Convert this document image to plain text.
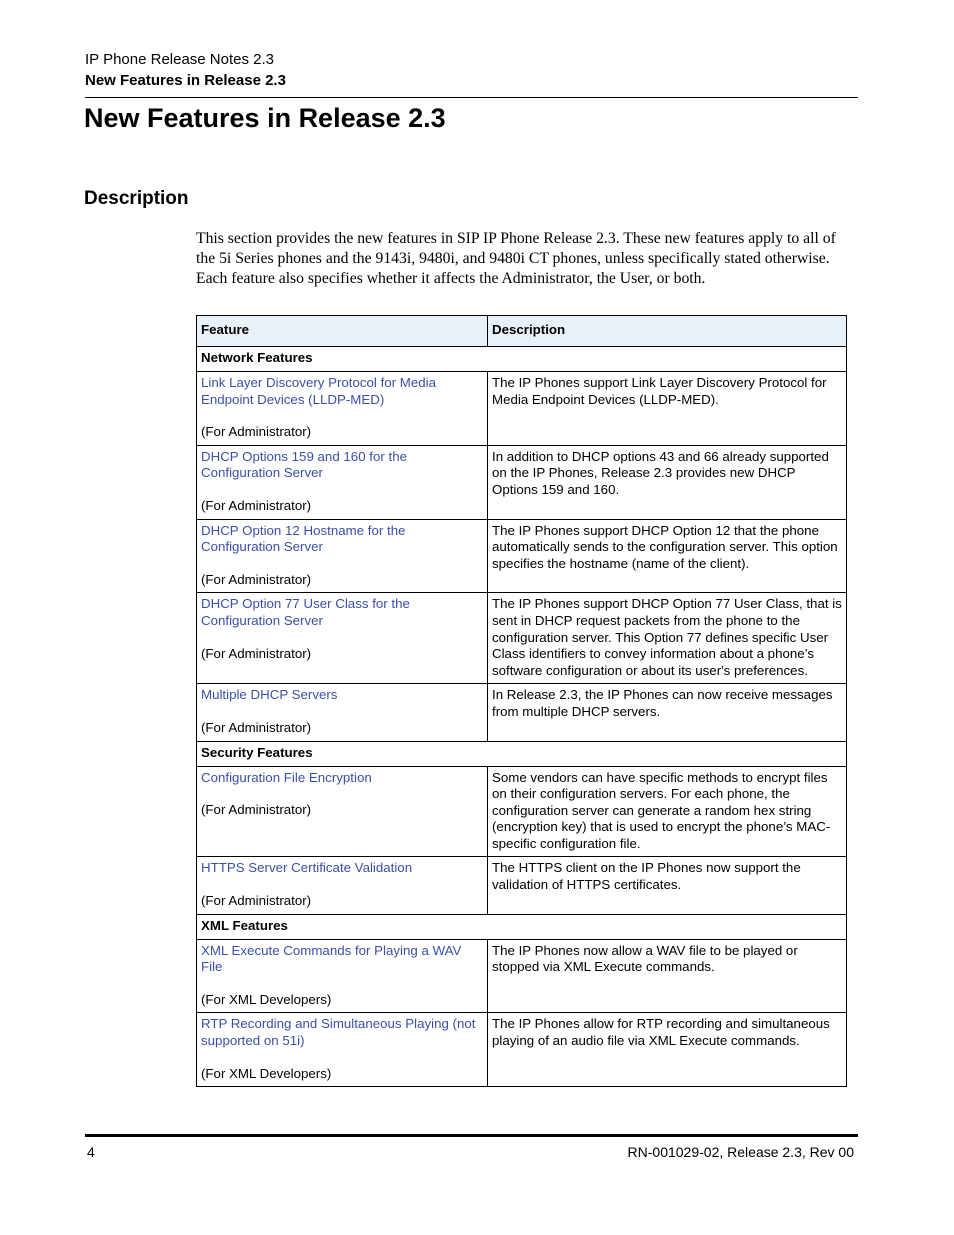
IP Phone Release Notes 2.3
New Features in Release 2.3
New Features in Release 2.3
Description

This section provides the new features in SIP IP Phone Release 2.3. These new features apply to all of the 5i Series phones and the 9143i, 9480i, and 9480i CT phones, unless specifically stated otherwise. Each feature also specifies whether it affects the Administrator, the User, or both.

Feature	Description
Network Features	

Link Layer Discovery Protocol for Media Endpoint Devices (LLDP-MED)
(For Administrator)	The IP Phones support Link Layer Discovery Protocol for Media Endpoint Devices (LLDP-MED).

DHCP Options 159 and 160 for the Configuration Server
(For Administrator)	In addition to DHCP options 43 and 66 already supported on the IP Phones, Release 2.3 provides new DHCP Options 159 and 160.

DHCP Option 12 Hostname for the Configuration Server
(For Administrator)	The IP Phones support DHCP Option 12 that the phone automatically sends to the configuration server. This option specifies the hostname (name of the client).

DHCP Option 77 User Class for the Configuration Server
(For Administrator)	The IP Phones support DHCP Option 77 User Class, that is sent in DHCP request packets from the phone to the configuration server. This Option 77 defines specific User Class identifiers to convey information about a phone’s software configuration or about its user's preferences.

Multiple DHCP Servers
(For Administrator)	In Release 2.3, the IP Phones can now receive messages from multiple DHCP servers.
Security Features	

Configuration File Encryption
(For Administrator)	Some vendors can have specific methods to encrypt files on their configuration servers. For each phone, the configuration server can generate a random hex string (encryption key) that is used to encrypt the phone’s MAC-specific configuration file.

HTTPS Server Certificate Validation
(For Administrator)	The HTTPS client on the IP Phones now support the validation of HTTPS certificates.
XML Features	

XML Execute Commands for Playing a WAV File
(For XML Developers)	The IP Phones now allow a WAV file to be played or stopped via XML Execute commands.

RTP Recording and Simultaneous Playing (not supported on 51i)
(For XML Developers)	The IP Phones allow for RTP recording and simultaneous playing of an audio file via XML Execute commands.
4	RN-001029-02, Release 2.3, Rev 00
